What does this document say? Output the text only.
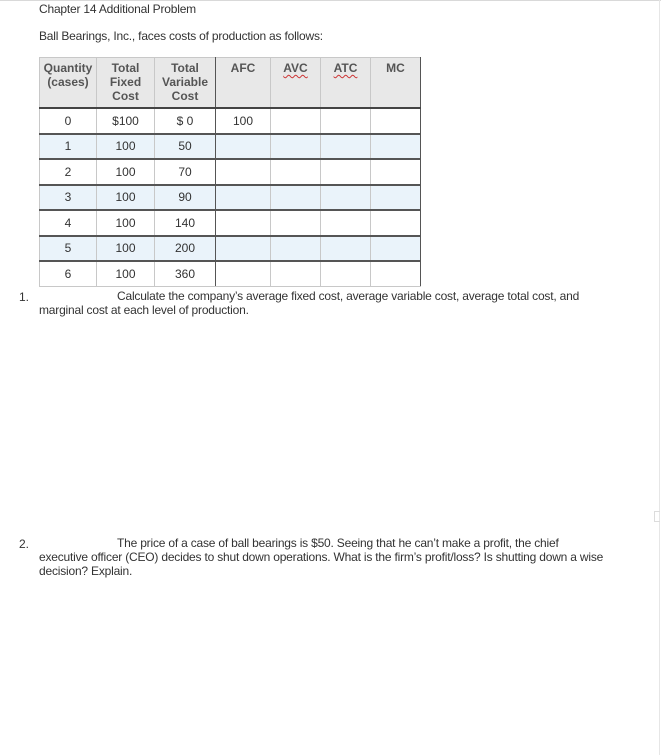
Chapter 14 Additional Problem
Ball Bearings, Inc., faces costs of production as follows:
Quantity
(cases)	Total
Fixed
Cost	Total
Variable
Cost	AFC	AVC	ATC	MC

0	$100	$ 0	100			
1	100	50				
2	100	70				
3	100	90				
4	100	140				
5	100	200				
6	100	360				
1.	Calculate the company’s average fixed cost, average variable cost, average total cost, and
marginal cost at each level of production.
2.	The price of a case of ball bearings is $50. Seeing that he can’t make a profit, the chief
executive officer (CEO) decides to shut down operations. What is the firm’s profit/loss? Is shutting down a wise
decision? Explain.
